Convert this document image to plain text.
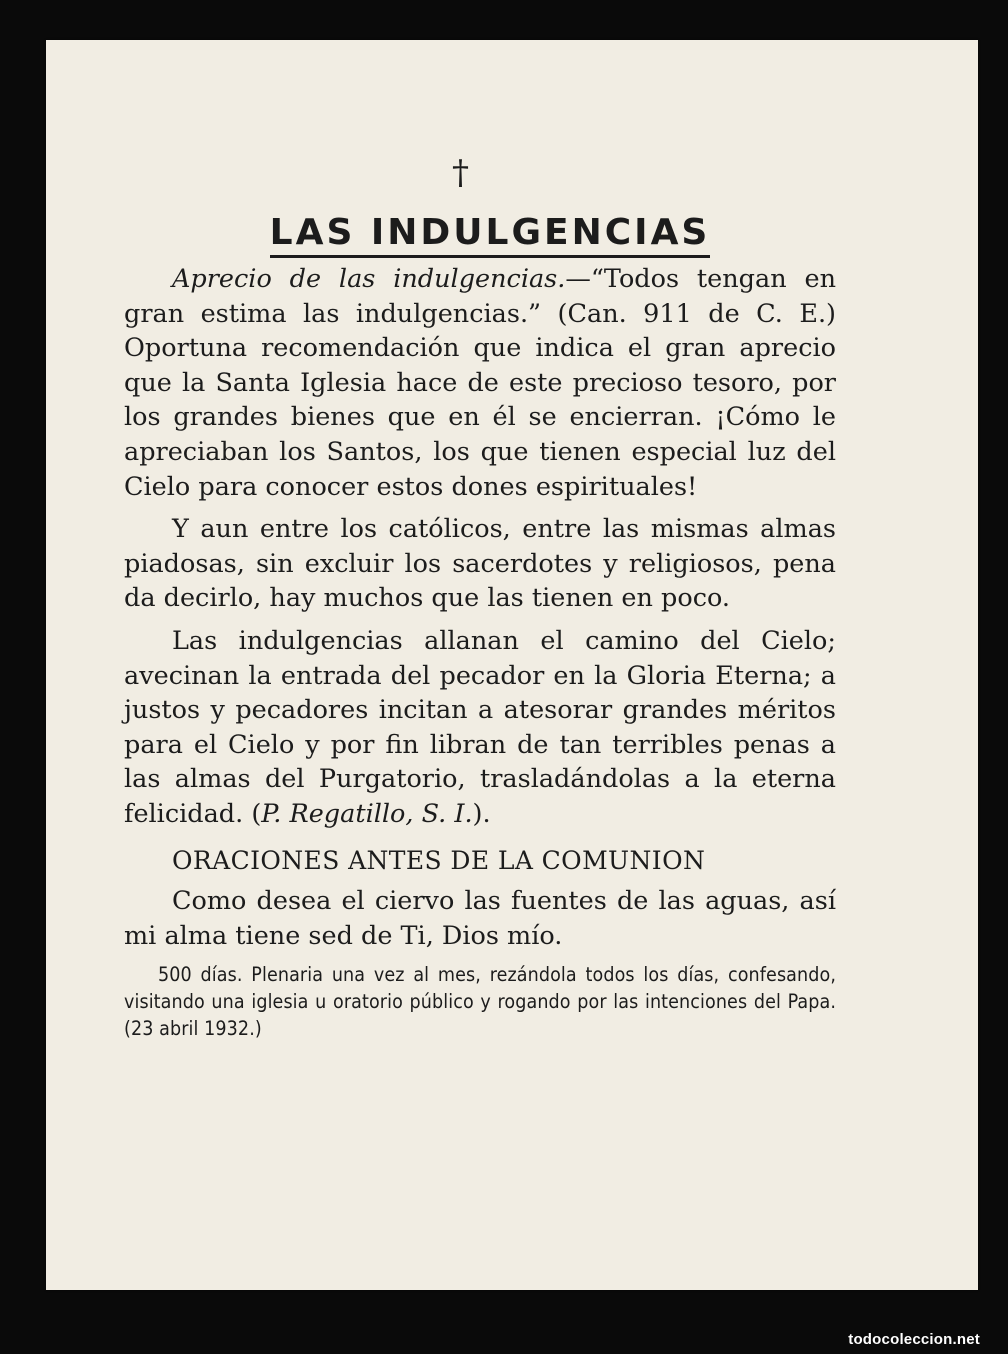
†
LAS INDULGENCIAS

Aprecio de las indulgencias.—“Todos tengan en gran estima las indulgencias.” (Can. 911 de C. E.) Oportuna recomendación que indica el gran aprecio que la Santa Iglesia hace de este precioso tesoro, por los grandes bienes que en él se encierran. ¡Cómo le apreciaban los Santos, los que tienen especial luz del Cielo para conocer estos dones espirituales!

Y aun entre los católicos, entre las mismas almas piadosas, sin excluir los sacerdotes y religiosos, pena da decirlo, hay muchos que las tienen en poco.

Las indulgencias allanan el camino del Cielo; avecinan la entrada del pecador en la Gloria Eterna; a justos y pecadores incitan a atesorar grandes méritos para el Cielo y por fin libran de tan terribles penas a las almas del Purgatorio, trasladándolas a la eterna felicidad. (P. Regatillo, S. I.).

ORACIONES ANTES DE LA COMUNION

Como desea el ciervo las fuentes de las aguas, así mi alma tiene sed de Ti, Dios mío.

500 días. Plenaria una vez al mes, rezándola todos los días, confesando, visitando una iglesia u oratorio público y rogando por las intenciones del Papa. (23 abril 1932.)

todocoleccion.net
